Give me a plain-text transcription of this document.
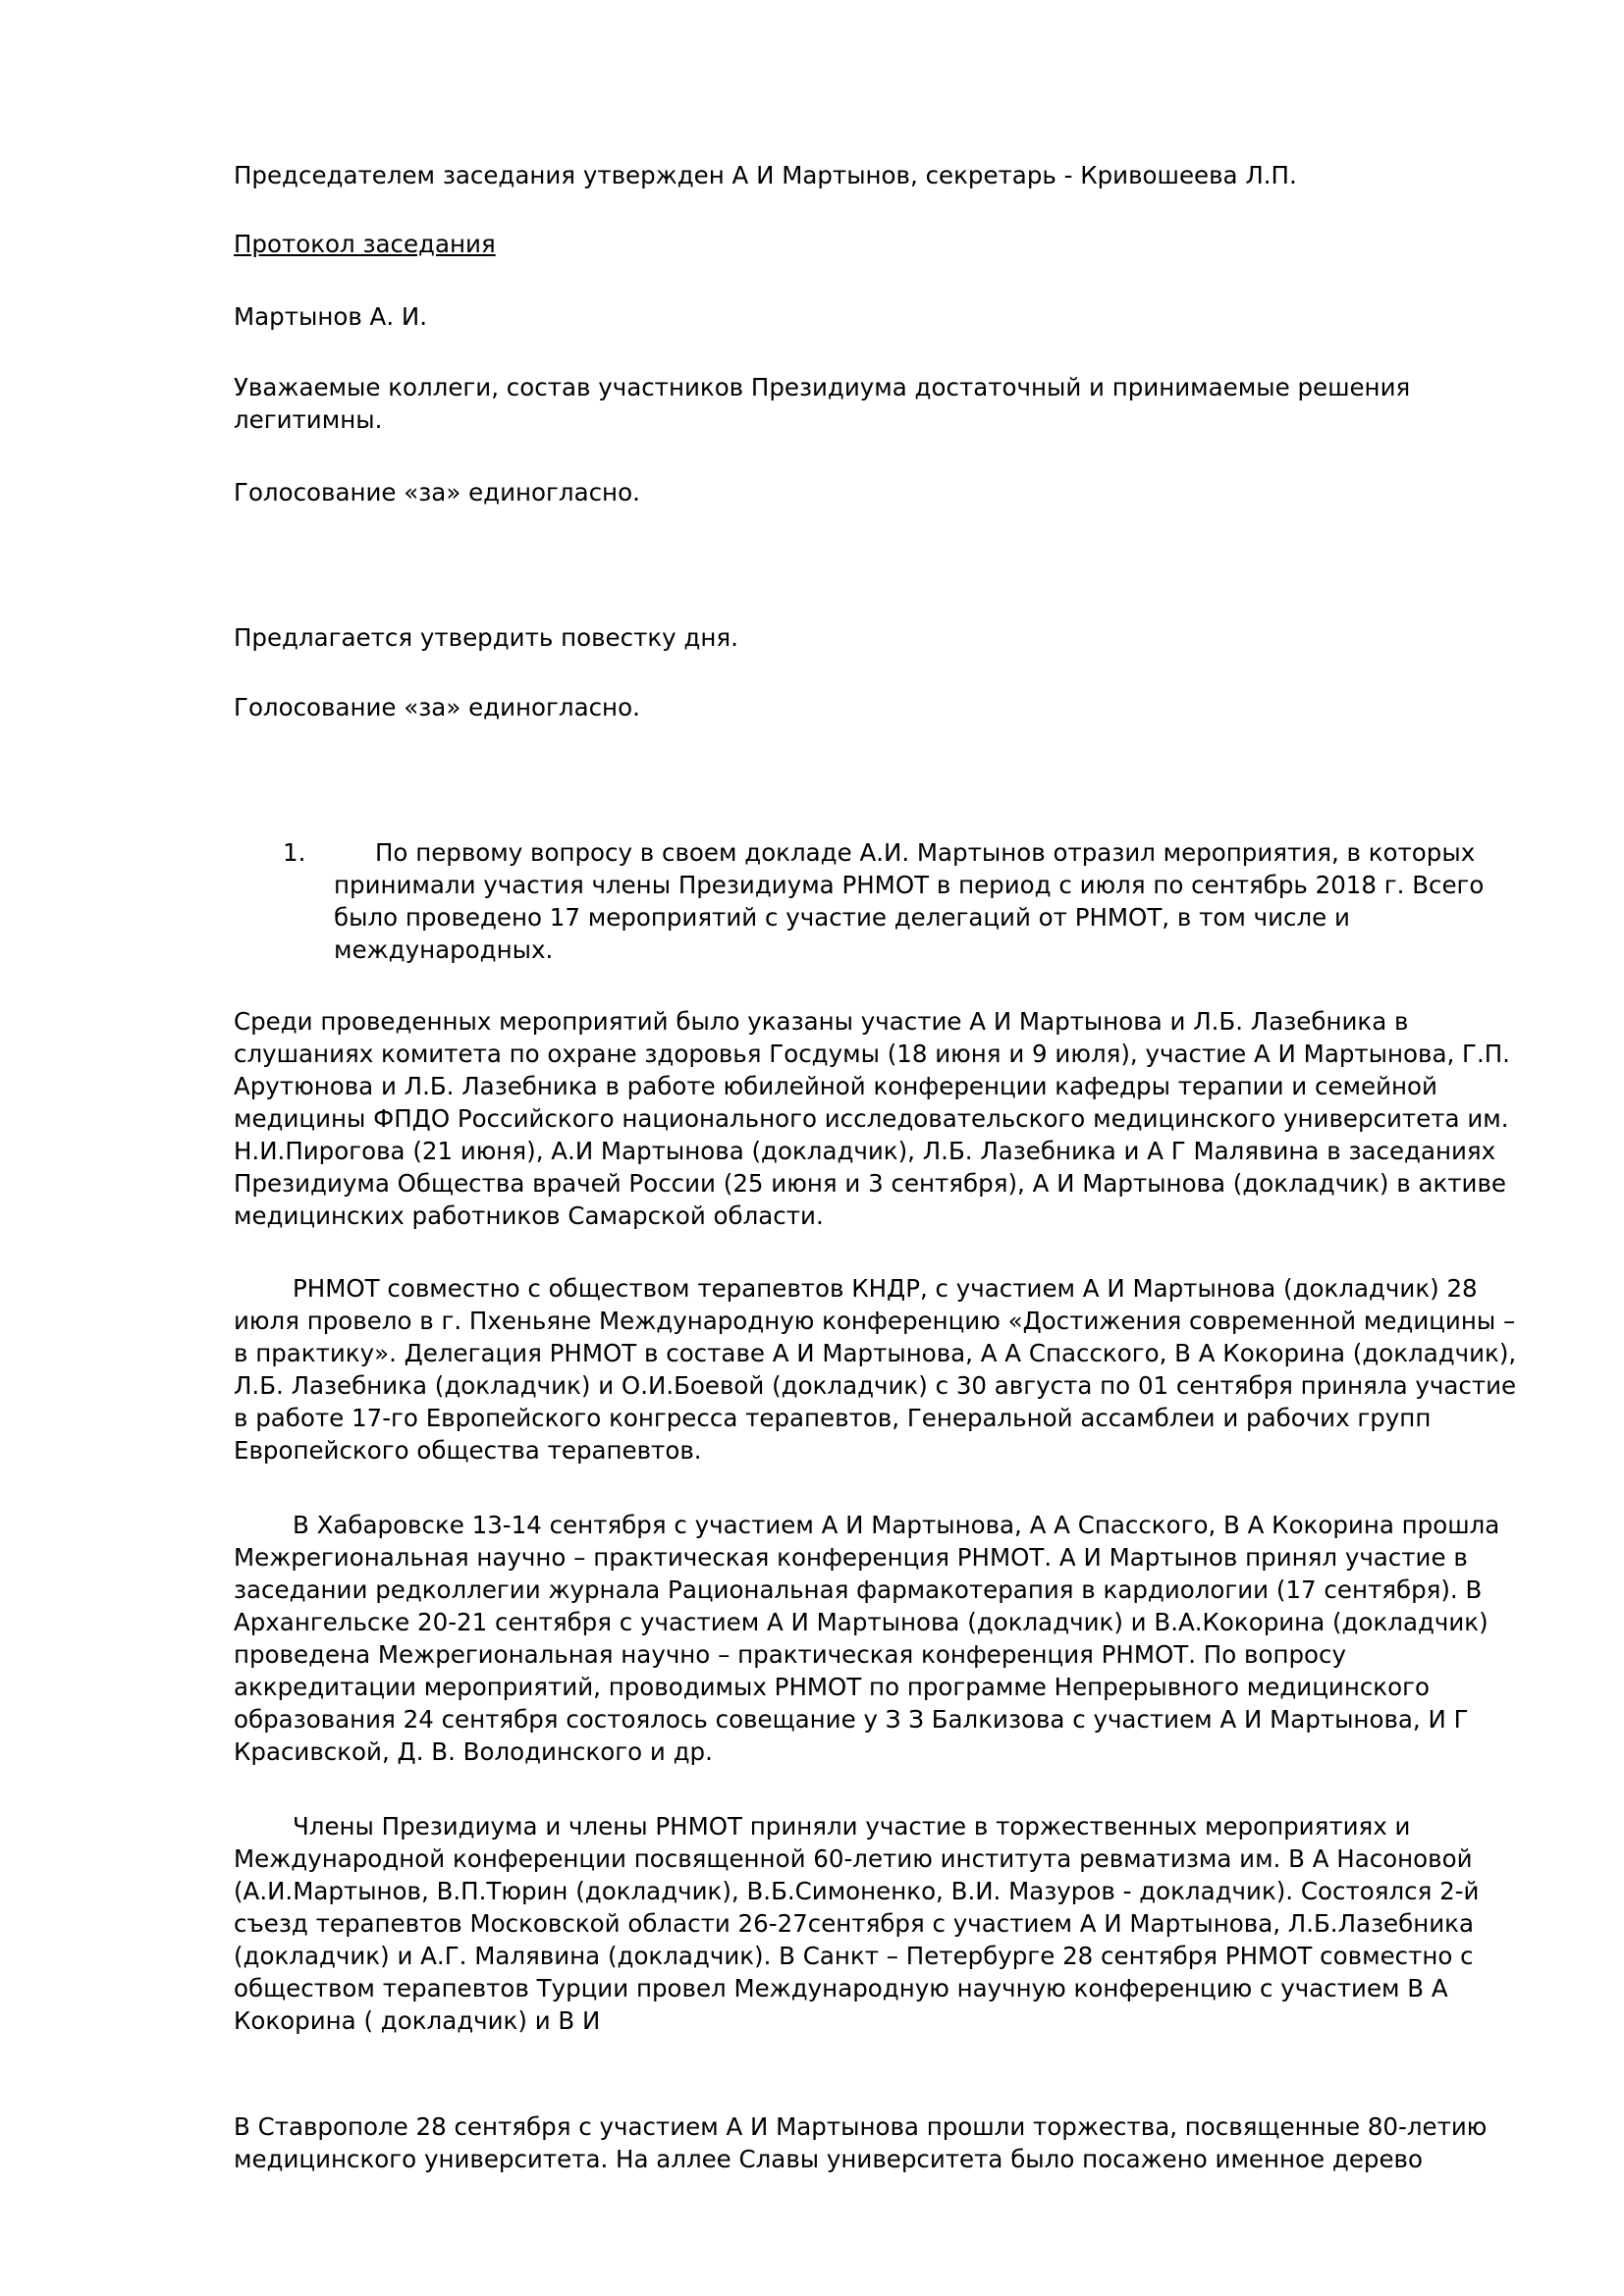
Председателем заседания утвержден А И Мартынов, секретарь - Кривошеева Л.П.

Протокол заседания

Мартынов А. И.

Уважаемые коллеги, состав участников Президиума достаточный и принимаемые решения легитимны.

Голосование «за» единогласно.

Предлагается утвердить повестку дня.

Голосование «за» единогласно.

1.	По первому вопросу в своем докладе А.И. Мартынов отразил мероприятия, в которых принимали участия члены Президиума РНМОТ в период с июля по сентябрь 2018 г. Всего было проведено 17 мероприятий с участие делегаций от РНМОТ, в том числе и международных.

Среди проведенных мероприятий было указаны участие А И Мартынова и Л.Б. Лазебника в слушаниях комитета по охране здоровья Госдумы (18 июня и 9 июля), участие А И Мартынова, Г.П. Арутюнова и Л.Б. Лазебника в работе юбилейной конференции кафедры терапии и семейной медицины ФПДО Российского национального исследовательского медицинского университета им. Н.И.Пирогова (21 июня), А.И Мартынова (докладчик), Л.Б. Лазебника и А Г Малявина в заседаниях Президиума Общества врачей России (25 июня и 3 сентября), А И Мартынова (докладчик) в активе медицинских работников Самарской области.

РНМОТ совместно с обществом терапевтов КНДР, с участием А И Мартынова (докладчик) 28 июля провело в г. Пхеньяне Международную конференцию «Достижения современной медицины – в практику». Делегация РНМОТ в составе А И Мартынова, А А Спасского, В А Кокорина (докладчик), Л.Б. Лазебника (докладчик) и О.И.Боевой (докладчик) с 30 августа по 01 сентября приняла участие в работе 17-го Европейского конгресса терапевтов, Генеральной ассамблеи и рабочих групп Европейского общества терапевтов.

В Хабаровске 13-14 сентября с участием А И Мартынова, А А Спасского, В А Кокорина прошла Межрегиональная научно – практическая конференция РНМОТ. А И Мартынов принял участие в заседании редколлегии журнала Рациональная фармакотерапия в кардиологии (17 сентября). В Архангельске 20-21 сентября с участием А И Мартынова (докладчик) и В.А.Кокорина (докладчик) проведена Межрегиональная научно – практическая конференция РНМОТ. По вопросу аккредитации мероприятий, проводимых РНМОТ по программе Непрерывного медицинского образования 24 сентября состоялось совещание у З З Балкизова с участием А И Мартынова, И Г Красивской, Д. В. Володинского и др.

Члены Президиума и члены РНМОТ приняли участие в торжественных мероприятиях и Международной конференции посвященной 60-летию института ревматизма им. В А Насоновой (А.И.Мартынов, В.П.Тюрин (докладчик), В.Б.Симоненко, В.И. Мазуров - докладчик). Состоялся 2-й съезд терапевтов Московской области 26-27сентября с участием А И Мартынова, Л.Б.Лазебника (докладчик) и А.Г. Малявина (докладчик). В Санкт – Петербурге 28 сентября РНМОТ совместно с обществом терапевтов Турции провел Международную научную конференцию с участием В А Кокорина ( докладчик) и В И

В Ставрополе 28 сентября с участием А И Мартынова прошли торжества, посвященные 80-летию медицинского университета. На аллее Славы университета было посажено именное дерево
